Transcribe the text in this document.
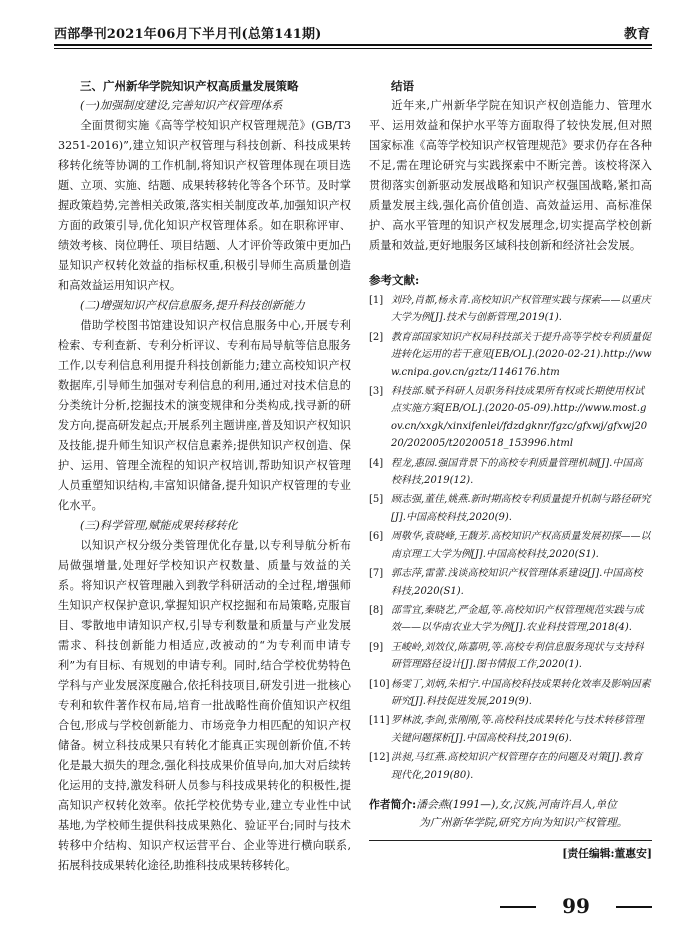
西部學刊2021年06月下半月刊(总第141期)	教育

三、广州新华学院知识产权高质量发展策略

(一)加强制度建设,完善知识产权管理体系

全面贯彻实施《高等学校知识产权管理规范》(GB/T33251-2016)”,建立知识产权管理与科技创新、科技成果转移转化统等协调的工作机制,将知识产权管理体现在项目选题、立项、实施、结题、成果转移转化等各个环节。及时掌握政策趋势,完善相关政策,落实相关制度改革,加强知识产权方面的政策引导,优化知识产权管理体系。如在职称评审、绩效考核、岗位聘任、项目结题、人才评价等政策中更加凸显知识产权转化效益的指标权重,积极引导师生高质量创造和高效益运用知识产权。

(二)增强知识产权信息服务,提升科技创新能力

借助学校图书馆建设知识产权信息服务中心,开展专利检索、专利查新、专利分析评议、专利布局导航等信息服务工作,以专利信息利用提升科技创新能力;建立高校知识产权数据库,引导师生加强对专利信息的利用,通过对技术信息的分类统计分析,挖掘技术的演变规律和分类构成,找寻新的研发方向,提高研发起点;开展系列主题讲座,普及知识产权知识及技能,提升师生知识产权信息素养;提供知识产权创造、保护、运用、管理全流程的知识产权培训,帮助知识产权管理人员重塑知识结构,丰富知识储备,提升知识产权管理的专业化水平。

(三)科学管理,赋能成果转移转化

以知识产权分级分类管理优化存量,以专利导航分析布局做强增量,处理好学校知识产权数量、质量与效益的关系。将知识产权管理融入到教学科研活动的全过程,增强师生知识产权保护意识,掌握知识产权挖掘和布局策略,克服盲目、零散地申请知识产权,引导专利数量和质量与产业发展需求、科技创新能力相适应,改被动的“为专利而申请专利”为有目标、有规划的申请专利。同时,结合学校优势特色学科与产业发展深度融合,依托科技项目,研发引进一批核心专利和软件著作权布局,培育一批战略性商价值知识产权组合包,形成与学校创新能力、市场竞争力相匹配的知识产权储备。树立科技成果只有转化才能真正实现创新价值,不转化是最大损失的理念,强化科技成果价值导向,加大对后续转化运用的支持,激发科研人员参与科技成果转化的积极性,提高知识产权转化效率。依托学校优势专业,建立专业性中试基地,为学校师生提供科技成果熟化、验证平台;同时与技术转移中介结构、知识产权运营平台、企业等进行横向联系,拓展科技成果转化途径,助推科技成果转移转化。

结语

近年来,广州新华学院在知识产权创造能力、管理水平、运用效益和保护水平等方面取得了较快发展,但对照国家标准《高等学校知识产权管理规范》要求仍存在各种不足,需在理论研究与实践探索中不断完善。该校将深入贯彻落实创新驱动发展战略和知识产权强国战略,紧扣高质量发展主线,强化高价值创造、高效益运用、高标准保护、高水平管理的知识产权发展理念,切实提高学校创新质量和效益,更好地服务区域科技创新和经济社会发展。

参考文献:

[1] 刘玲,肖都,杨永青.高校知识产权管理实践与探索——以重庆大学为例[J].技术与创新管理,2019(1).
[2] 教育部国家知识产权局科技部关于提升高等学校专利质量促进转化运用的若干意见[EB/OL].(2020-02-21).http://www.cnipa.gov.cn/gztz/1146176.htm
[3] 科技部.赋予科研人员职务科技成果所有权或长期使用权试点实施方案[EB/OL].(2020-05-09).http://www.most.gov.cn/xxgk/xinxifenlei/fdzdgknr/fgzc/gfxwj/gfxwj2020/202005/t20200518_153996.html
[4] 程龙,惠园.强国背景下的高校专利质量管理机制[J].中国高校科技,2019(12).
[5] 顾志强,董佳,姚燕.新时期高校专利质量提升机制与路径研究[J].中国高校科技,2020(9).
[6] 周敬华,袁晓峰,王馥芳.高校知识产权高质量发展初探——以南京理工大学为例[J].中国高校科技,2020(S1).
[7] 郭志萍,雷蕾.浅谈高校知识产权管理体系建设[J].中国高校科技,2020(S1).
[8] 邵雪宜,秦晓艺,严金超,等.高校知识产权管理规范实践与成效——以华南农业大学为例[J].农业科技管理,2018(4).
[9] 王峻岭,刘效仪,陈嘉明,等.高校专利信息服务现状与支持科研管理路径设计[J].图书情报工作,2020(1).
[10] 杨雯丁,刘炳,朱相宁.中国高校科技成果转化效率及影响因素研究[J].科技促进发展,2019(9).
[11] 罗林波,李剑,张刚刚,等.高校科技成果转化与技术转移管理关键问题探析[J].中国高校科技,2019(6).
[12] 洪昶,马红燕.高校知识产权管理存在的问题及对策[J].教育现代化,2019(80).
作者简介:潘会燕(1991—),女,汉族,河南许昌人,单位
为广州新华学院,研究方向为知识产权管理。
[责任编辑:董惠安]
99
